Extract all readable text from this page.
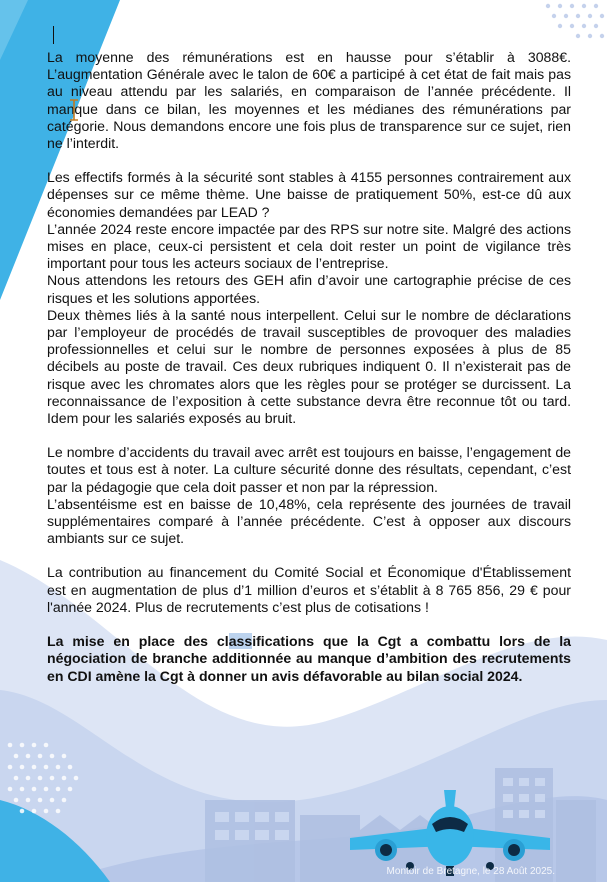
La moyenne des rémunérations est en hausse pour s’établir à 3088€. L’augmentation Générale avec le talon de 60€ a participé à cet état de fait mais pas au niveau attendu par les salariés, en comparaison de l’année précédente. Il manque dans ce bilan, les moyennes et les médianes des rémunérations par catégorie. Nous demandons encore une fois plus de transparence sur ce sujet, rien ne l’interdit.

Les effectifs formés à la sécurité sont stables à 4155 personnes contrairement aux dépenses sur ce même thème. Une baisse de pratiquement 50%, est-ce dû aux économies demandées par LEAD ?

L’année 2024 reste encore impactée par des RPS sur notre site. Malgré des actions mises en place, ceux-ci persistent et cela doit rester un point de vigilance très important pour tous les acteurs sociaux de l’entreprise.

Nous attendons les retours des GEH afin d’avoir une cartographie précise de ces risques et les solutions apportées.

Deux thèmes liés à la santé nous interpellent. Celui sur le nombre de déclarations par l’employeur de procédés de travail susceptibles de provoquer des maladies professionnelles et celui sur le nombre de personnes exposées à plus de 85 décibels au poste de travail. Ces deux rubriques indiquent 0. Il n’existerait pas de risque avec les chromates alors que les règles pour se protéger se durcissent. La reconnaissance de l’exposition à cette substance devra être reconnue tôt ou tard. Idem pour les salariés exposés au bruit.

Le nombre d’accidents du travail avec arrêt est toujours en baisse, l’engagement de toutes et tous est à noter. La culture sécurité donne des résultats, cependant, c’est par la pédagogie que cela doit passer et non par la répression.

L’absentéisme est en baisse de 10,48%, cela représente des journées de travail supplémentaires comparé à l’année précédente. C’est à opposer aux discours ambiants sur ce sujet.

La contribution au financement du Comité Social et Économique d'Établissement est en augmentation de plus d’1 million d’euros et s’établit à 8 765 856, 29 € pour l'année 2024. Plus de recrutements c’est plus de cotisations !

La mise en place des classifications que la Cgt a combattu lors de la négociation de branche additionnée au manque d’ambition des recrutements en CDI amène la Cgt à donner un avis défavorable au bilan social 2024.

Montoir de Bretagne, le 28 Août 2025.
